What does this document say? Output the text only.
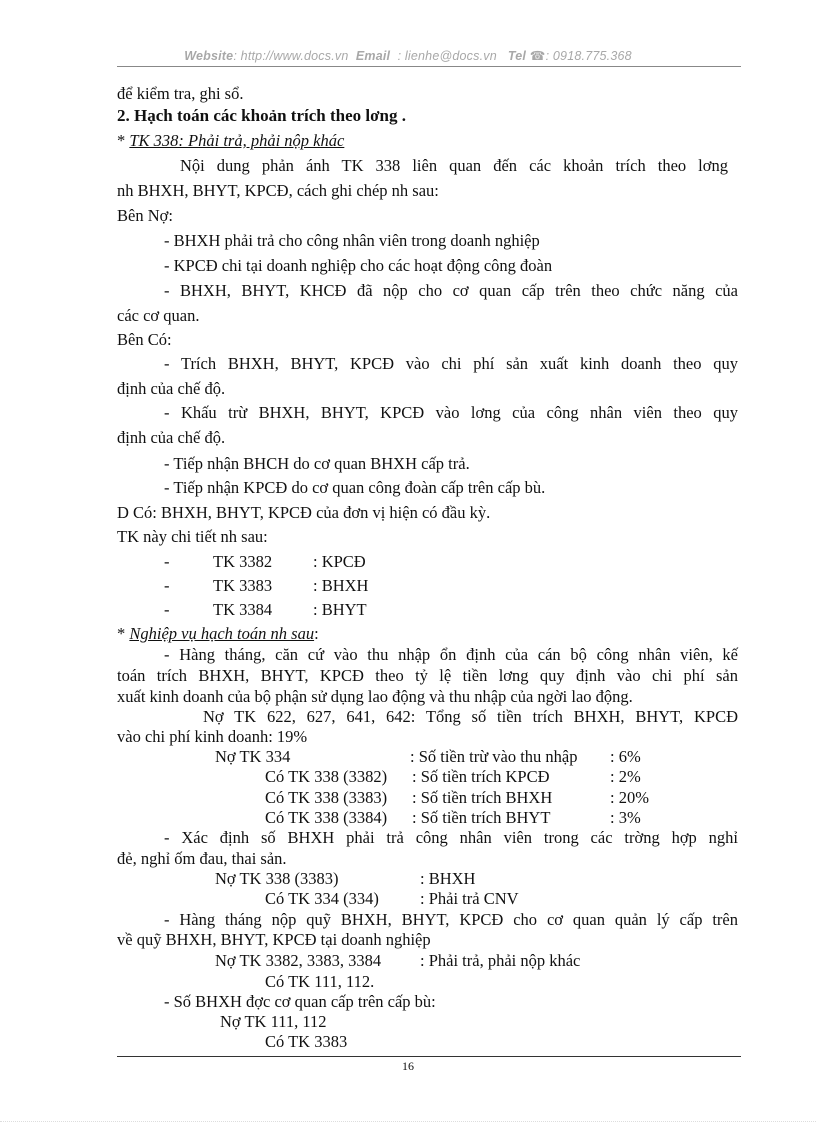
Website: http://www.docs.vn Email : lienhe@docs.vn Tel ☎: 0918.775.368
để kiểm tra, ghi sổ.
2. Hạch toán các khoản trích theo lơng .
* TK 338: Phải trả, phải nộp khác
Nội dung phản ánh TK 338 liên quan đến các khoản trích theo lơng
nh BHXH, BHYT, KPCĐ, cách ghi chép nh sau:
Bên Nợ:
- BHXH phải trả cho công nhân viên trong doanh nghiệp
- KPCĐ chi tại doanh nghiệp cho các hoạt động công đoàn
- BHXH, BHYT, KHCĐ đã nộp cho cơ quan cấp trên theo chức năng của
các cơ quan.
Bên Có:
- Trích BHXH, BHYT, KPCĐ vào chi phí sản xuất kinh doanh theo quy
định của chế độ.
- Khấu trừ BHXH, BHYT, KPCĐ vào lơng của công nhân viên theo quy
định của chế độ.
- Tiếp nhận BHCH do cơ quan BHXH cấp trả.
- Tiếp nhận KPCĐ do cơ quan công đoàn cấp trên cấp bù.
D Có: BHXH, BHYT, KPCĐ của đơn vị hiện có đầu kỳ.
TK này chi tiết nh sau:
-	TK 3382 : KPCĐ
-	TK 3383 : BHXH
-	TK 3384 : BHYT
* Nghiệp vụ hạch toán nh sau:
- Hàng tháng, căn cứ vào thu nhập ổn định của cán bộ công nhân viên, kế
toán trích BHXH, BHYT, KPCĐ theo tỷ lệ tiền lơng quy định vào chi phí sản
xuất kinh doanh của bộ phận sử dụng lao động và thu nhập của ngời lao động.
Nợ TK 622, 627, 641, 642: Tổng số tiền trích BHXH, BHYT, KPCĐ
vào chi phí kinh doanh: 19%
Nợ TK 334	: Số tiền trừ vào thu nhập : 6%
Có TK 338 (3382) : Số tiền trích KPCĐ	: 2%
Có TK 338 (3383) : Số tiền trích BHXH	: 20%
Có TK 338 (3384) : Số tiền trích BHYT	: 3%
- Xác định số BHXH phải trả công nhân viên trong các trờng hợp nghỉ
đẻ, nghỉ ốm đau, thai sản.
Nợ TK 338 (3383)	: BHXH
Có TK 334 (334) : Phải trả CNV
- Hàng tháng nộp quỹ BHXH, BHYT, KPCĐ cho cơ quan quản lý cấp trên
về quỹ BHXH, BHYT, KPCĐ tại doanh nghiệp
Nợ TK 3382, 3383, 3384 : Phải trả, phải nộp khác
Có TK 111, 112.
- Số BHXH đợc cơ quan cấp trên cấp bù:
Nợ TK 111, 112
Có TK 3383
16
